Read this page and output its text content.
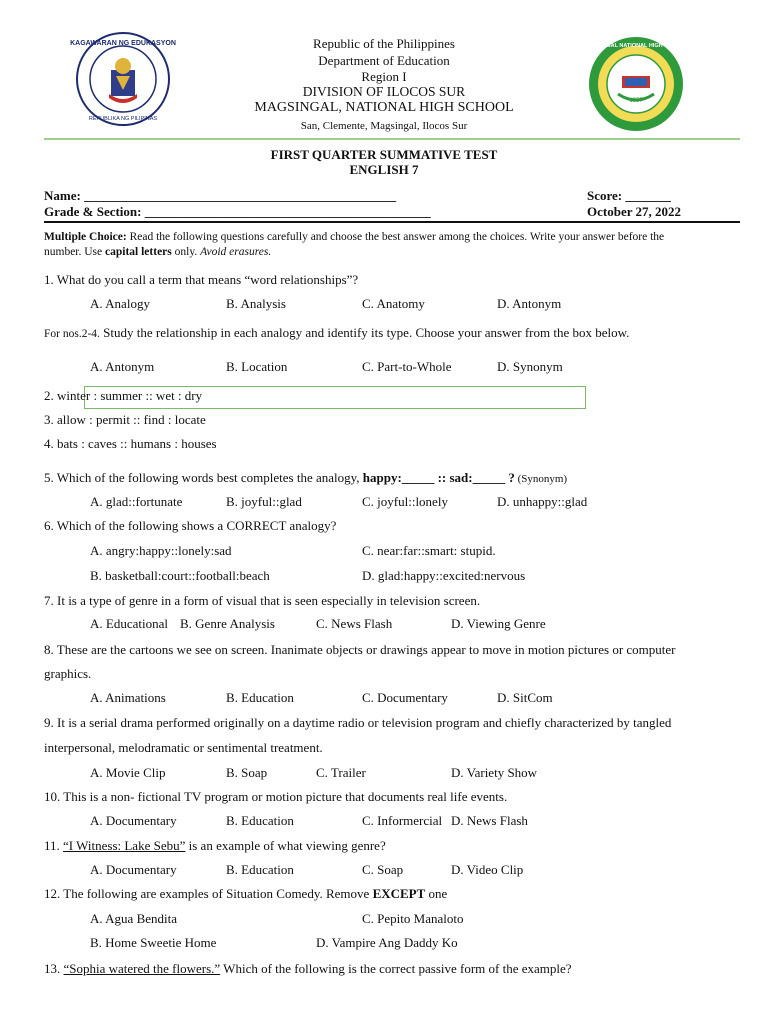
KAGAWARAN NG EDUKASYON
REPUBLIKA NG PILIPINAS
1957
MAGSINGAL NATIONAL HIGH SCHOOL
Republic of the Philippines
Department of Education
Region I
DIVISION OF ILOCOS SUR
MAGSINGAL, NATIONAL HIGH SCHOOL
San, Clemente, Magsingal, Ilocos Sur
FIRST QUARTER SUMMATIVE TEST
ENGLISH 7
Name: ________________________________________________	Score: _______
Grade & Section: ____________________________________________	October 27, 2022
Multiple Choice: Read the following questions carefully and choose the best answer among the choices. Write your answer before the
number. Use capital letters only. Avoid erasures.
1. What do you call a term that means “word relationships”?
A. Analogy	B. Analysis	C. Anatomy	D. Antonym
For nos.2-4. Study the relationship in each analogy and identify its type. Choose your answer from the box below.
A. Antonym	B. Location	C. Part-to-Whole	D. Synonym
2. winter : summer :: wet : dry
3. allow : permit :: find : locate
4. bats : caves :: humans : houses
5. Which of the following words best completes the analogy, happy:_____ :: sad:_____ ? (Synonym)
A. glad::fortunate	B. joyful::glad	C. joyful::lonely	D. unhappy::glad
6. Which of the following shows a CORRECT analogy?
A. angry:happy::lonely:sad	C. near:far::smart: stupid.
B. basketball:court::football:beach	D. glad:happy::excited:nervous
7. It is a type of genre in a form of visual that is seen especially in television screen.
A. Educational B. Genre Analysis	C. News Flash	D. Viewing Genre
8. These are the cartoons we see on screen. Inanimate objects or drawings appear to move in motion pictures or computer
graphics.
A. Animations	B. Education	C. Documentary	D. SitCom
9. It is a serial drama performed originally on a daytime radio or television program and chiefly characterized by tangled
interpersonal, melodramatic or sentimental treatment.
A. Movie Clip	B. Soap	C. Trailer	D. Variety Show
10. This is a non- fictional TV program or motion picture that documents real life events.
A. Documentary	B. Education	C. Informercial D. News Flash
11. “I Witness: Lake Sebu” is an example of what viewing genre?
A. Documentary	B. Education	C. Soap	D. Video Clip
12. The following are examples of Situation Comedy. Remove EXCEPT one
A. Agua Bendita	C. Pepito Manaloto
B. Home Sweetie Home	D. Vampire Ang Daddy Ko
13. “Sophia watered the flowers.” Which of the following is the correct passive form of the example?
